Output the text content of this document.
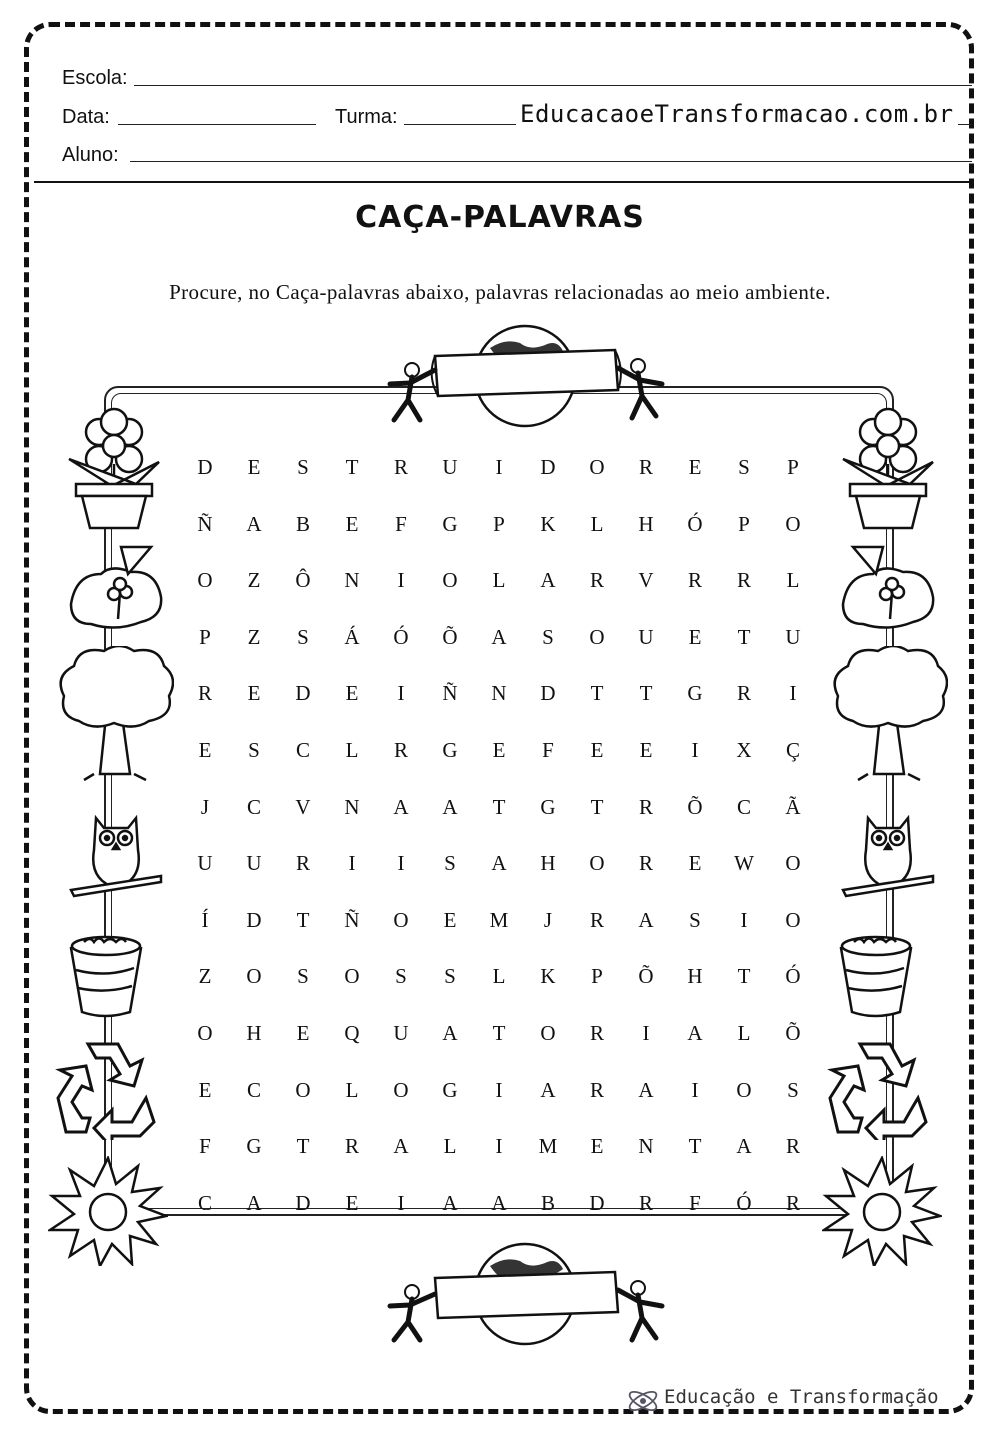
Escola:
Data:	Turma:	EducacaoeTransformacao.com.br
Aluno:
CAÇA-PALAVRAS
Procure, no Caça-palavras abaixo, palavras relacionadas ao meio ambiente.
D	E	S	T	R	U	I	D	O	R	E	S	P
Ñ	A	B	E	F	G	P	K	L	H	Ó	P	O
O	Z	Ô	N	I	O	L	A	R	V	R	R	L
P	Z	S	Á	Ó	Õ	A	S	O	U	E	T	U
R	E	D	E	I	Ñ	N	D	T	T	G	R	I
E	S	C	L	R	G	E	F	E	E	I	X	Ç
J	C	V	N	A	A	T	G	T	R	Õ	C	Ã
U	U	R	I	I	S	A	H	O	R	E	W	O
Í	D	T	Ñ	O	E	M	J	R	A	S	I	O
Z	O	S	O	S	S	L	K	P	Õ	H	T	Ó
O	H	E	Q	U	A	T	O	R	I	A	L	Õ
E	C	O	L	O	G	I	A	R	A	I	O	S
F	G	T	R	A	L	I	M	E	N	T	A	R
C	A	D	E	I	A	A	B	D	R	F	Ó	R
Educação e Transformação
